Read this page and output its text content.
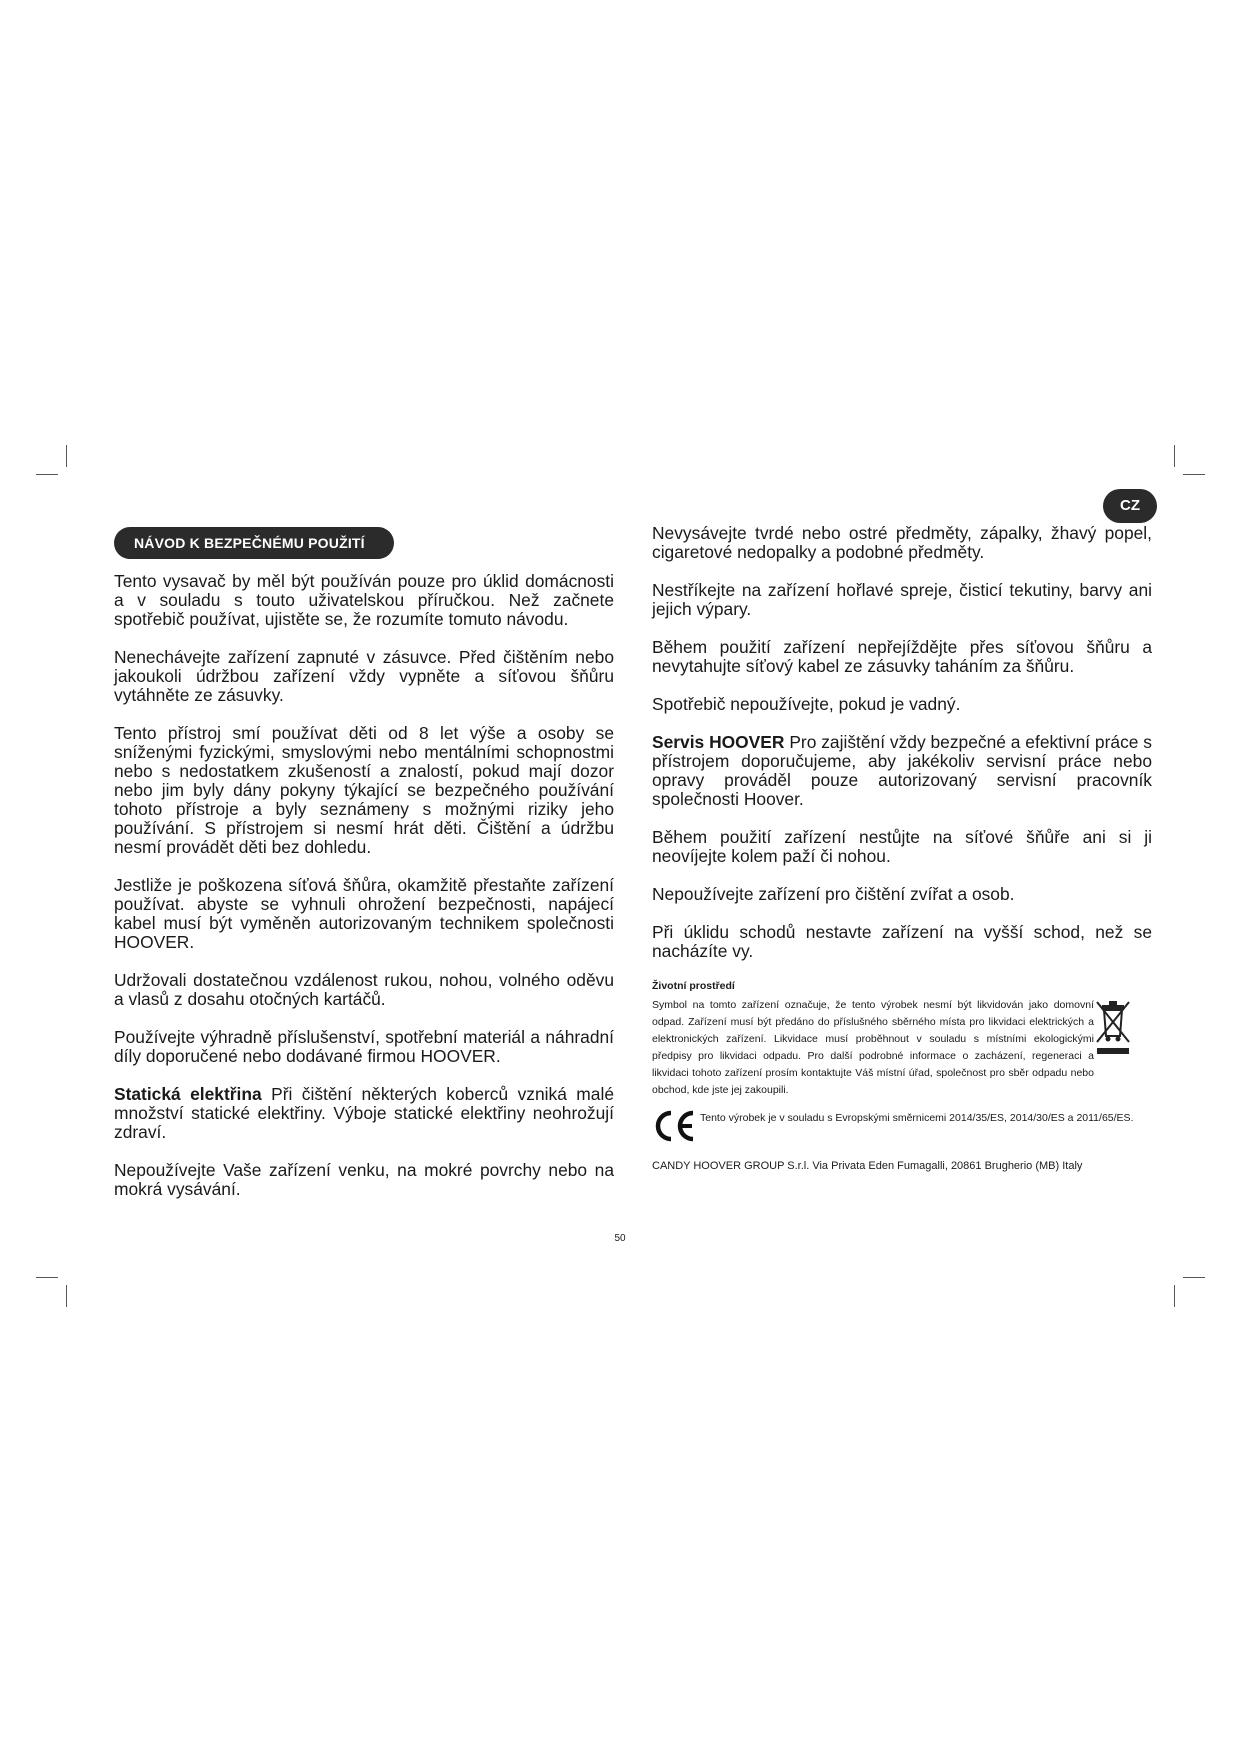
CZ
NÁVOD K BEZPEČNÉMU POUŽITÍ

Tento vysavač by měl být používán pouze pro úklid domácnosti a v souladu s touto uživatelskou příručkou. Než začnete spotřebič používat, ujistěte se, že rozumíte tomuto návodu.

Nenechávejte zařízení zapnuté v zásuvce. Před čištěním nebo jakoukoli údržbou zařízení vždy vypněte a síťovou šňůru vytáhněte ze zásuvky.

Tento přístroj smí používat děti od 8 let výše a osoby se sníženými fyzickými, smyslovými nebo mentálními schopnostmi nebo s nedostatkem zkušeností a znalostí, pokud mají dozor nebo jim byly dány pokyny týkající se bezpečného používání tohoto přístroje a byly seznámeny s možnými riziky jeho používání. S přístrojem si nesmí hrát děti. Čištění a údržbu nesmí provádět děti bez dohledu.

Jestliže je poškozena síťová šňůra, okamžitě přestaňte zařízení používat. abyste se vyhnuli ohrožení bezpečnosti, napájecí kabel musí být vyměněn autorizovaným technikem společnosti HOOVER.

Udržovali dostatečnou vzdálenost rukou, nohou, volného oděvu a vlasů z dosahu otočných kartáčů.

Používejte výhradně příslušenství, spotřební materiál a náhradní díly doporučené nebo dodávané firmou HOOVER.

Statická elektřina Při čištění některých koberců vzniká malé množství statické elektřiny. Výboje statické elektřiny neohrožují zdraví.

Nepoužívejte Vaše zařízení venku, na mokré povrchy nebo na mokrá vysávání.

Nevysávejte tvrdé nebo ostré předměty, zápalky, žhavý popel, cigaretové nedopalky a podobné předměty.

Nestříkejte na zařízení hořlavé spreje, čisticí tekutiny, barvy ani jejich výpary.

Během použití zařízení nepřejíždějte přes síťovou šňůru a nevytahujte síťový kabel ze zásuvky taháním za šňůru.

Spotřebič nepoužívejte, pokud je vadný.

Servis HOOVER Pro zajištění vždy bezpečné a efektivní práce s přístrojem doporučujeme, aby jakékoliv servisní práce nebo opravy prováděl pouze autorizovaný servisní pracovník společnosti Hoover.

Během použití zařízení nestůjte na síťové šňůře ani si ji neovíjejte kolem paží či nohou.

Nepoužívejte zařízení pro čištění zvířat a osob.

Při úklidu schodů nestavte zařízení na vyšší schod, než se nacházíte vy.

Životní prostředí
Symbol na tomto zařízení označuje, že tento výrobek nesmí být likvidován jako domovní odpad. Zařízení musí být předáno do příslušného sběrného místa pro likvidaci elektrických a elektronických zařízení. Likvidace musí proběhnout v souladu s místními ekologickými předpisy pro likvidaci odpadu. Pro další podrobné informace o zacházení, regeneraci a likvidaci tohoto zařízení prosím kontaktujte Váš místní úřad, společnost pro sběr odpadu nebo obchod, kde jste jej zakoupili.
Tento výrobek je v souladu s Evropskými směrnicemi 2014/35/ES, 2014/30/ES a 2011/65/ES.
CANDY HOOVER GROUP S.r.l. Via Privata Eden Fumagalli, 20861 Brugherio (MB) Italy
50
